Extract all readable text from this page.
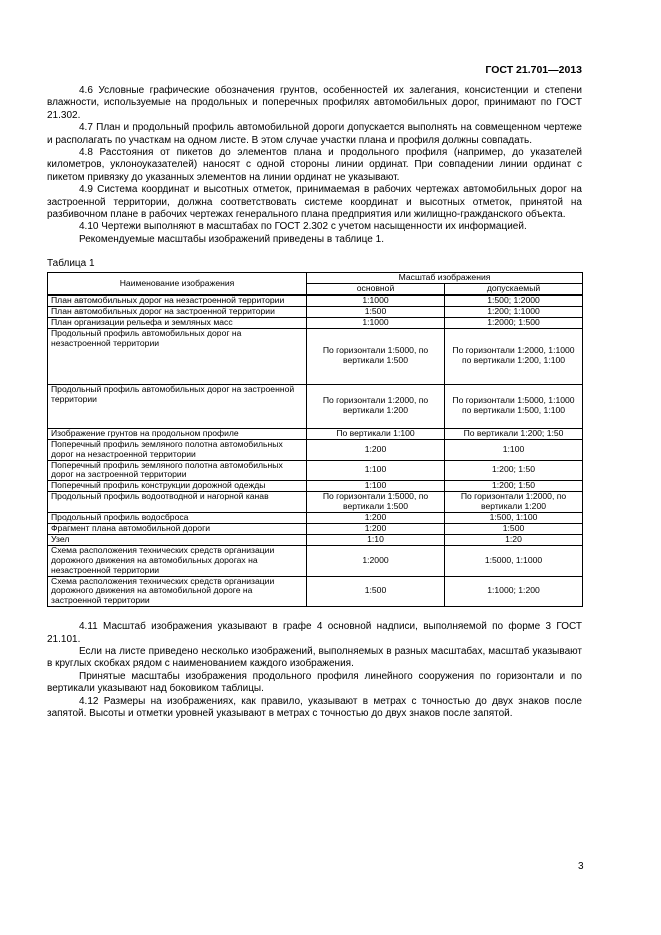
ГОСТ 21.701—2013

4.6 Условные графические обозначения грунтов, особенностей их залегания, консистенции и степени влажности, используемые на продольных и поперечных профилях автомобильных дорог, принимают по ГОСТ 21.302.

4.7 План и продольный профиль автомобильной дороги допускается выполнять на совмещенном чертеже и располагать по участкам на одном листе. В этом случае участки плана и профиля должны совпадать.

4.8 Расстояния от пикетов до элементов плана и продольного профиля (например, до указателей километров, уклоноуказателей) наносят с одной стороны линии ординат. При совпадении линии ординат с пикетом привязку до указанных элементов на линии ординат не указывают.

4.9 Система координат и высотных отметок, принимаемая в рабочих чертежах автомобильных дорог на застроенной территории, должна соответствовать системе координат и высотных отметок, принятой на разбивочном плане в рабочих чертежах генерального плана предприятия или жилищно-гражданского объекта.

4.10 Чертежи выполняют в масштабах по ГОСТ 2.302 с учетом насыщенности их информацией.

Рекомендуемые масштабы изображений приведены в таблице 1.

Таблица 1
Наименование изображения	Масштаб изображения	
	основной	допускаемый
План автомобильных дорог на незастроенной территории	1:1000	1:500; 1:2000
План автомобильных дорог на застроенной территории	1:500	1:200; 1:1000
План организации рельефа и земляных масс	1:1000	1:2000; 1:500
Продольный профиль автомобильных дорог на незастроенной территории	По горизонтали 1:5000, по вертикали 1:500	По горизонтали 1:2000, 1:1000 по вертикали 1:200, 1:100
Продольный профиль автомобильных дорог на застроенной территории	По горизонтали 1:2000, по вертикали 1:200	По горизонтали 1:5000, 1:1000 по вертикали 1:500, 1:100
Изображение грунтов на продольном профиле	По вертикали 1:100	По вертикали 1:200; 1:50
Поперечный профиль земляного полотна автомобильных дорог на незастроенной территории	1:200	1:100
Поперечный профиль земляного полотна автомобильных дорог на застроенной территории	1:100	1:200; 1:50
Поперечный профиль конструкции дорожной одежды	1:100	1:200; 1:50
Продольный профиль водоотводной и нагорной канав	По горизонтали 1:5000, по вертикали 1:500	По горизонтали 1:2000, по вертикали 1:200
Продольный профиль водосброса	1:200	1:500, 1:100
Фрагмент плана автомобильной дороги	1:200	1:500
Узел	1:10	1:20
Схема расположения технических средств организации дорожного движения на автомобильных дорогах на незастроенной территории	1:2000	1:5000, 1:1000
Схема расположения технических средств организации дорожного движения на автомобильной дороге на застроенной территории	1:500	1:1000; 1:200

4.11 Масштаб изображения указывают в графе 4 основной надписи, выполняемой по форме 3 ГОСТ 21.101.

Если на листе приведено несколько изображений, выполняемых в разных масштабах, масштаб указывают в круглых скобках рядом с наименованием каждого изображения.

Принятые масштабы изображения продольного профиля линейного сооружения по горизонтали и по вертикали указывают над боковиком таблицы.

4.12 Размеры на изображениях, как правило, указывают в метрах с точностью до двух знаков после запятой. Высоты и отметки уровней указывают в метрах с точностью до двух знаков после запятой.

3
